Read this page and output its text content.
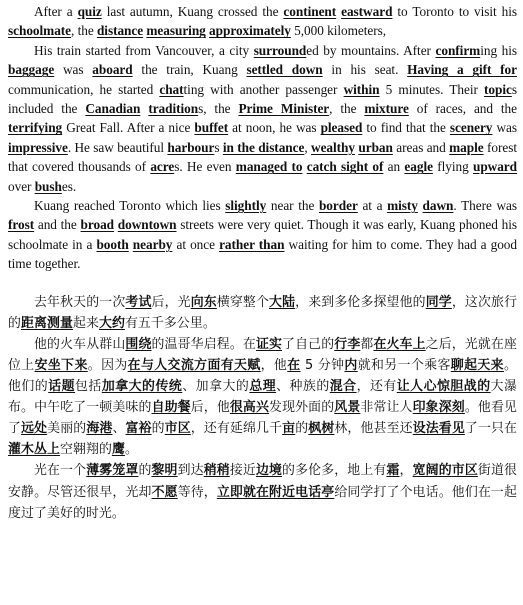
After a quiz last autumn, Kuang crossed the continent eastward to Toronto to visit his schoolmate, the distance measuring approximately 5,000 kilometers,

His train started from Vancouver, a city surrounded by mountains. After confirming his baggage was aboard the train, Kuang settled down in his seat. Having a gift for communication, he started chatting with another passenger within 5 minutes. Their topics included the Canadian traditions, the Prime Minister, the mixture of races, and the terrifying Great Fall. After a nice buffet at noon, he was pleased to find that the scenery was impressive. He saw beautiful harbours in the distance, wealthy urban areas and maple forest that covered thousands of acres. He even managed to catch sight of an eagle flying upward over bushes.

Kuang reached Toronto which lies slightly near the border at a misty dawn. There was frost and the broad downtown streets were very quiet. Though it was early, Kuang phoned his schoolmate in a booth nearby at once rather than waiting for him to come. They had a good time together.

去年秋天的一次考试后，光向东横穿整个大陆，来到多伦多探望他的同学，这次旅行的距离测量起来大约有五千多公里。

他的火车从群山围绕的温哥华启程。在证实了自己的行李都在火车上之后，光就在座位上安坐下来。因为在与人交流方面有天赋，他在 5 分钟内就和另一个乘客聊起天来。他们的话题包括加拿大的传统、加拿大的总理、种族的混合，还有让人心惊胆战的大瀑布。中午吃了一顿美味的自助餐后，他很高兴发现外面的风景非常让人印象深刻。他看见了远处美丽的海港、富裕的市区，还有延绵几千亩的枫树林，他甚至还设法看见了一只在灌木丛上空翱翔的鹰。

光在一个薄雾笼罩的黎明到达稍稍接近边境的多伦多，地上有霜，宽阔的市区街道很安静。尽管还很早，光却不愿等待，立即就在附近电话亭给同学打了个电话。他们在一起度过了美好的时光。
